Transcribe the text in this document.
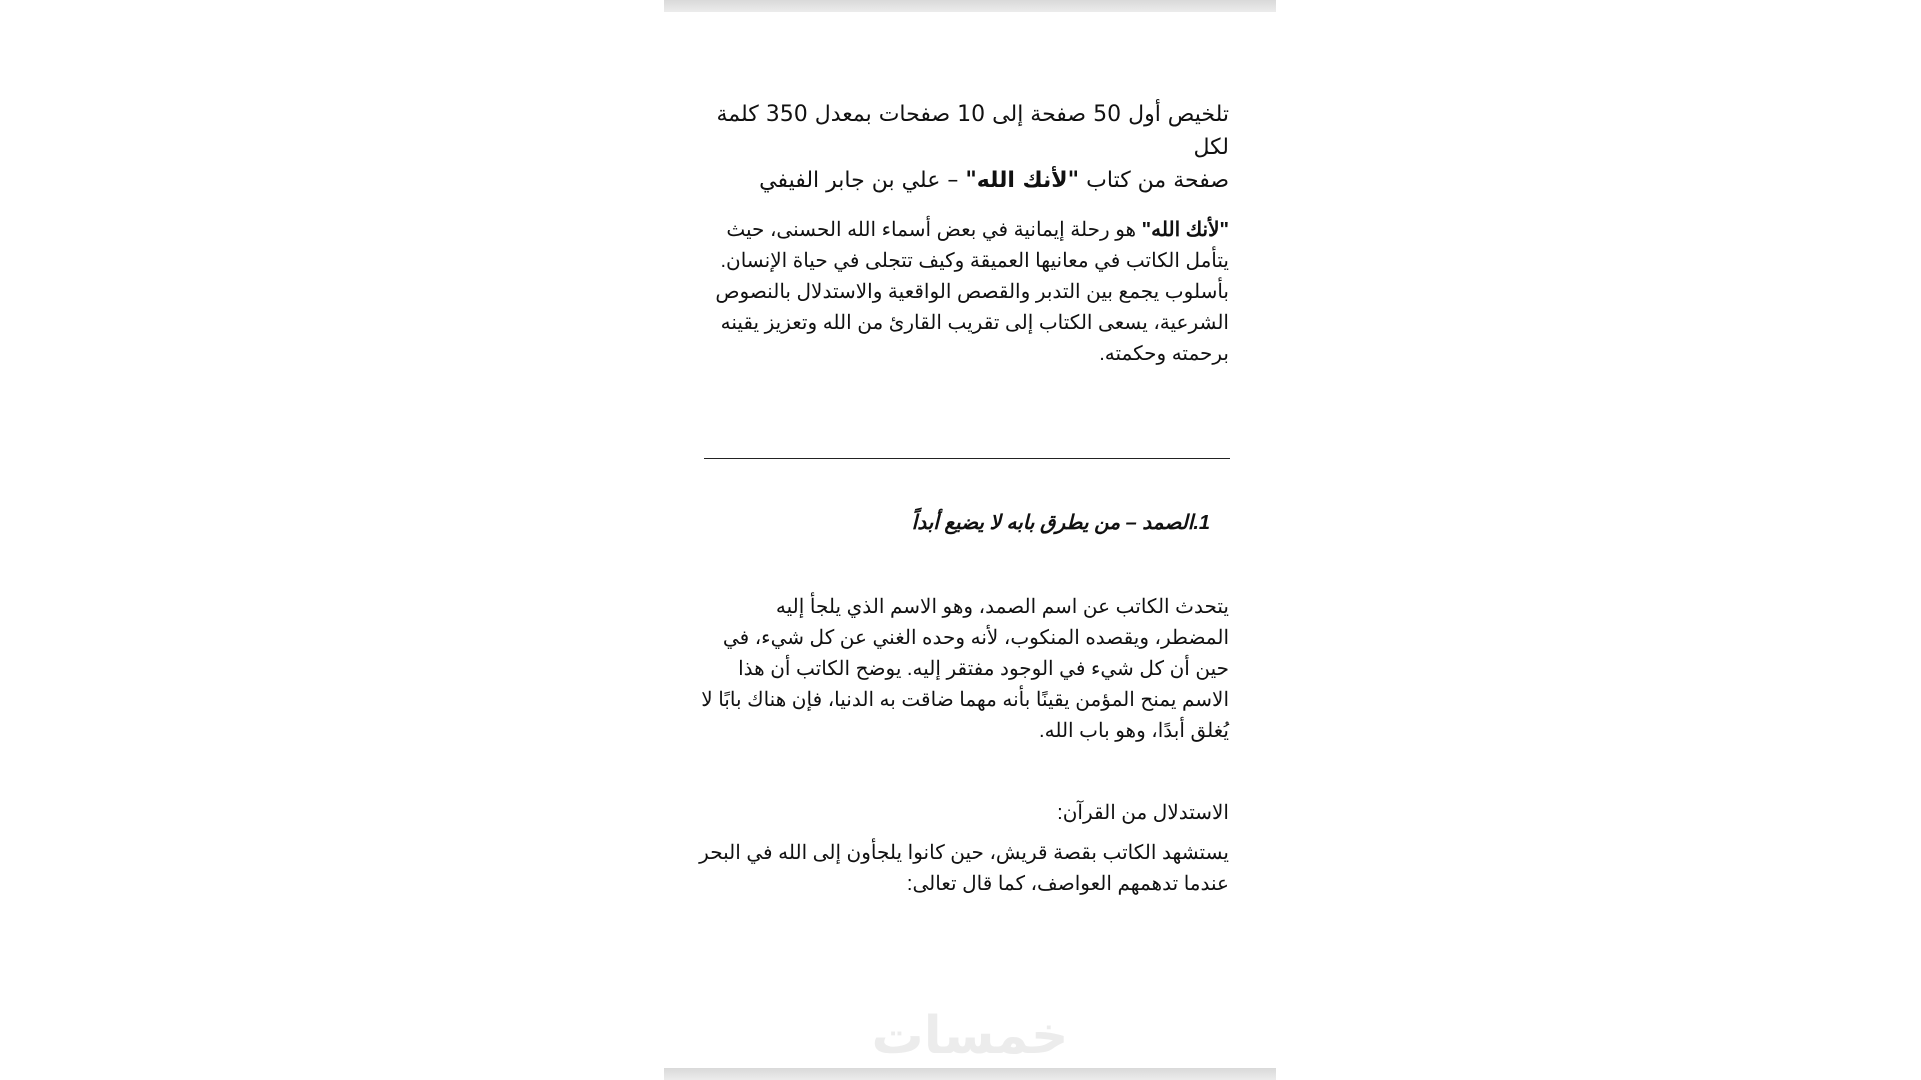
تلخيص أول 50 صفحة إلى 10 صفحات بمعدل 350 كلمة لكل
صفحة من كتاب "لأنك الله" – علي بن جابر الفيفي
"لأنك الله" هو رحلة إيمانية في بعض أسماء الله الحسنى، حيث يتأمل الكاتب في معانيها العميقة وكيف تتجلى في حياة الإنسان. بأسلوب يجمع بين التدبر والقصص الواقعية والاستدلال بالنصوص الشرعية، يسعى الكتاب إلى تقريب القارئ من الله وتعزيز يقينه برحمته وحكمته.
1.الصمد – من يطرق بابه لا يضيع أبداً
يتحدث الكاتب عن اسم الصمد، وهو الاسم الذي يلجأ إليه المضطر، ويقصده المنكوب، لأنه وحده الغني عن كل شيء، في حين أن كل شيء في الوجود مفتقر إليه. يوضح الكاتب أن هذا الاسم يمنح المؤمن يقينًا بأنه مهما ضاقت به الدنيا، فإن هناك بابًا لا يُغلق أبدًا، وهو باب الله.
الاستدلال من القرآن:
يستشهد الكاتب بقصة قريش، حين كانوا يلجأون إلى الله في البحر عندما تدهمهم العواصف، كما قال تعالى:
خمسات
